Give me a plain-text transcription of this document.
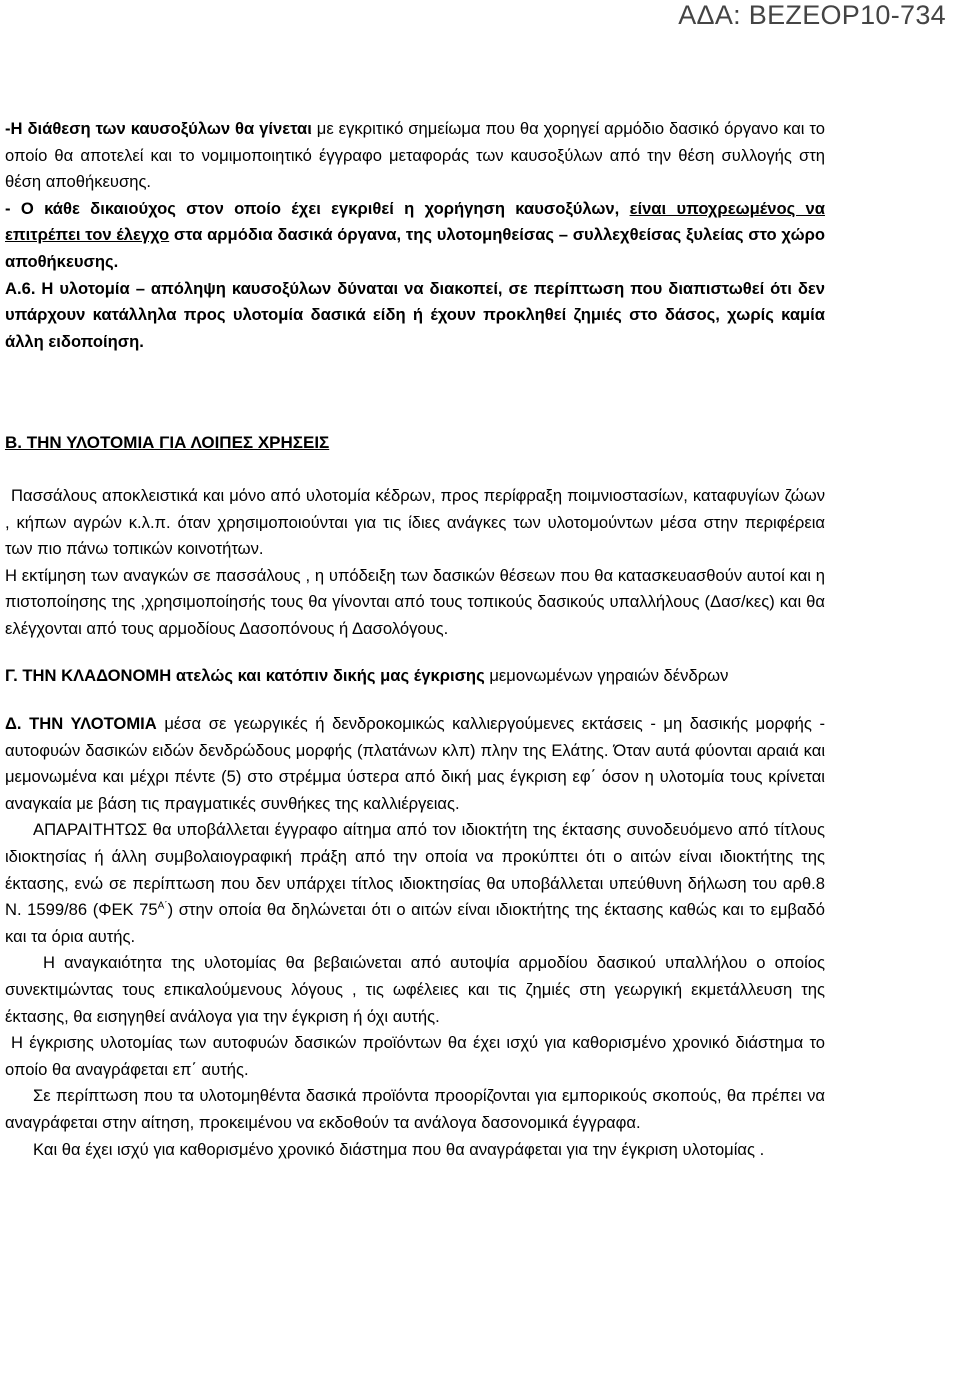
ΑΔΑ: ΒΕΖΕΟΡ10-734

-Η διάθεση των καυσοξύλων θα γίνεται με εγκριτικό σημείωμα που θα χορηγεί αρμόδιο δασικό όργανο και το οποίο θα αποτελεί και το νομιμοποιητικό έγγραφο μεταφοράς των καυσοξύλων από την θέση συλλογής στη θέση αποθήκευσης.

- Ο κάθε δικαιούχος στον οποίο έχει εγκριθεί η χορήγηση καυσοξύλων, είναι υποχρεωμένος να επιτρέπει τον έλεγχο στα αρμόδια δασικά όργανα, της υλοτομηθείσας – συλλεχθείσας ξυλείας στο χώρο αποθήκευσης.

Α.6. Η υλοτομία – απόληψη καυσοξύλων δύναται να διακοπεί, σε περίπτωση που διαπιστωθεί ότι δεν υπάρχουν κατάλληλα προς υλοτομία δασικά είδη ή έχουν προκληθεί ζημιές στο δάσος, χωρίς καμία άλλη ειδοποίηση.

Β. ΤΗΝ ΥΛΟΤΟΜΙΑ ΓΙΑ ΛΟΙΠΕΣ ΧΡΗΣΕΙΣ

Πασσάλους αποκλειστικά και μόνο από υλοτομία κέδρων, προς περίφραξη ποιμνιοστασίων, καταφυγίων ζώων , κήπων αγρών κ.λ.π. όταν χρησιμοποιούνται για τις ίδιες ανάγκες των υλοτομούντων μέσα στην περιφέρεια των πιο πάνω τοπικών κοινοτήτων.

Η εκτίμηση των αναγκών σε πασσάλους , η υπόδειξη των δασικών θέσεων που θα κατασκευασθούν αυτοί και η πιστοποίησης της ,χρησιμοποίησής τους θα γίνονται από τους τοπικούς δασικούς υπαλλήλους (Δασ/κες) και θα ελέγχονται από τους αρμοδίους Δασοπόνους ή Δασολόγους.

Γ. ΤΗΝ ΚΛΑΔΟΝΟΜΗ ατελώς και κατόπιν δικής μας έγκρισης μεμονωμένων γηραιών δένδρων

Δ. ΤΗΝ ΥΛΟΤΟΜΙΑ μέσα σε γεωργικές ή δενδροκομικώς καλλιεργούμενες εκτάσεις - μη δασικής μορφής - αυτοφυών δασικών ειδών δενδρώδους μορφής (πλατάνων κλπ) πλην της Ελάτης. Όταν αυτά φύονται αραιά και μεμονωμένα και μέχρι πέντε (5) στο στρέμμα ύστερα από δική μας έγκριση εφ΄ όσον η υλοτομία τους κρίνεται αναγκαία με βάση τις πραγματικές συνθήκες της καλλιέργειας.

ΑΠΑΡΑΙΤΗΤΩΣ θα υποβάλλεται έγγραφο αίτημα από τον ιδιοκτήτη της έκτασης συνοδευόμενο από τίτλους ιδιοκτησίας ή άλλη συμβολαιογραφική πράξη από την οποία να προκύπτει ότι ο αιτών είναι ιδιοκτήτης της έκτασης, ενώ σε περίπτωση που δεν υπάρχει τίτλος ιδιοκτησίας θα υποβάλλεται υπεύθυνη δήλωση του αρθ.8 Ν. 1599/86 (ΦΕΚ $75^{A΄}$) στην οποία θα δηλώνεται ότι ο αιτών είναι ιδιοκτήτης της έκτασης καθώς και το εμβαδό και τα όρια αυτής.

Η αναγκαιότητα της υλοτομίας θα βεβαιώνεται από αυτοψία αρμοδίου δασικού υπαλλήλου ο οποίος συνεκτιμώντας τους επικαλούμενους λόγους , τις ωφέλειες και τις ζημιές στη γεωργική εκμετάλλευση της έκτασης, θα εισηγηθεί ανάλογα για την έγκριση ή όχι αυτής.

Η έγκρισης υλοτομίας των αυτοφυών δασικών προϊόντων θα έχει ισχύ για καθορισμένο χρονικό διάστημα το οποίο θα αναγράφεται επ΄ αυτής.

Σε περίπτωση που τα υλοτομηθέντα δασικά προϊόντα προορίζονται για εμπορικούς σκοπούς, θα πρέπει να αναγράφεται στην αίτηση, προκειμένου να εκδοθούν τα ανάλογα δασονομικά έγγραφα.

Και θα έχει ισχύ για καθορισμένο χρονικό διάστημα που θα αναγράφεται για την έγκριση υλοτομίας .
